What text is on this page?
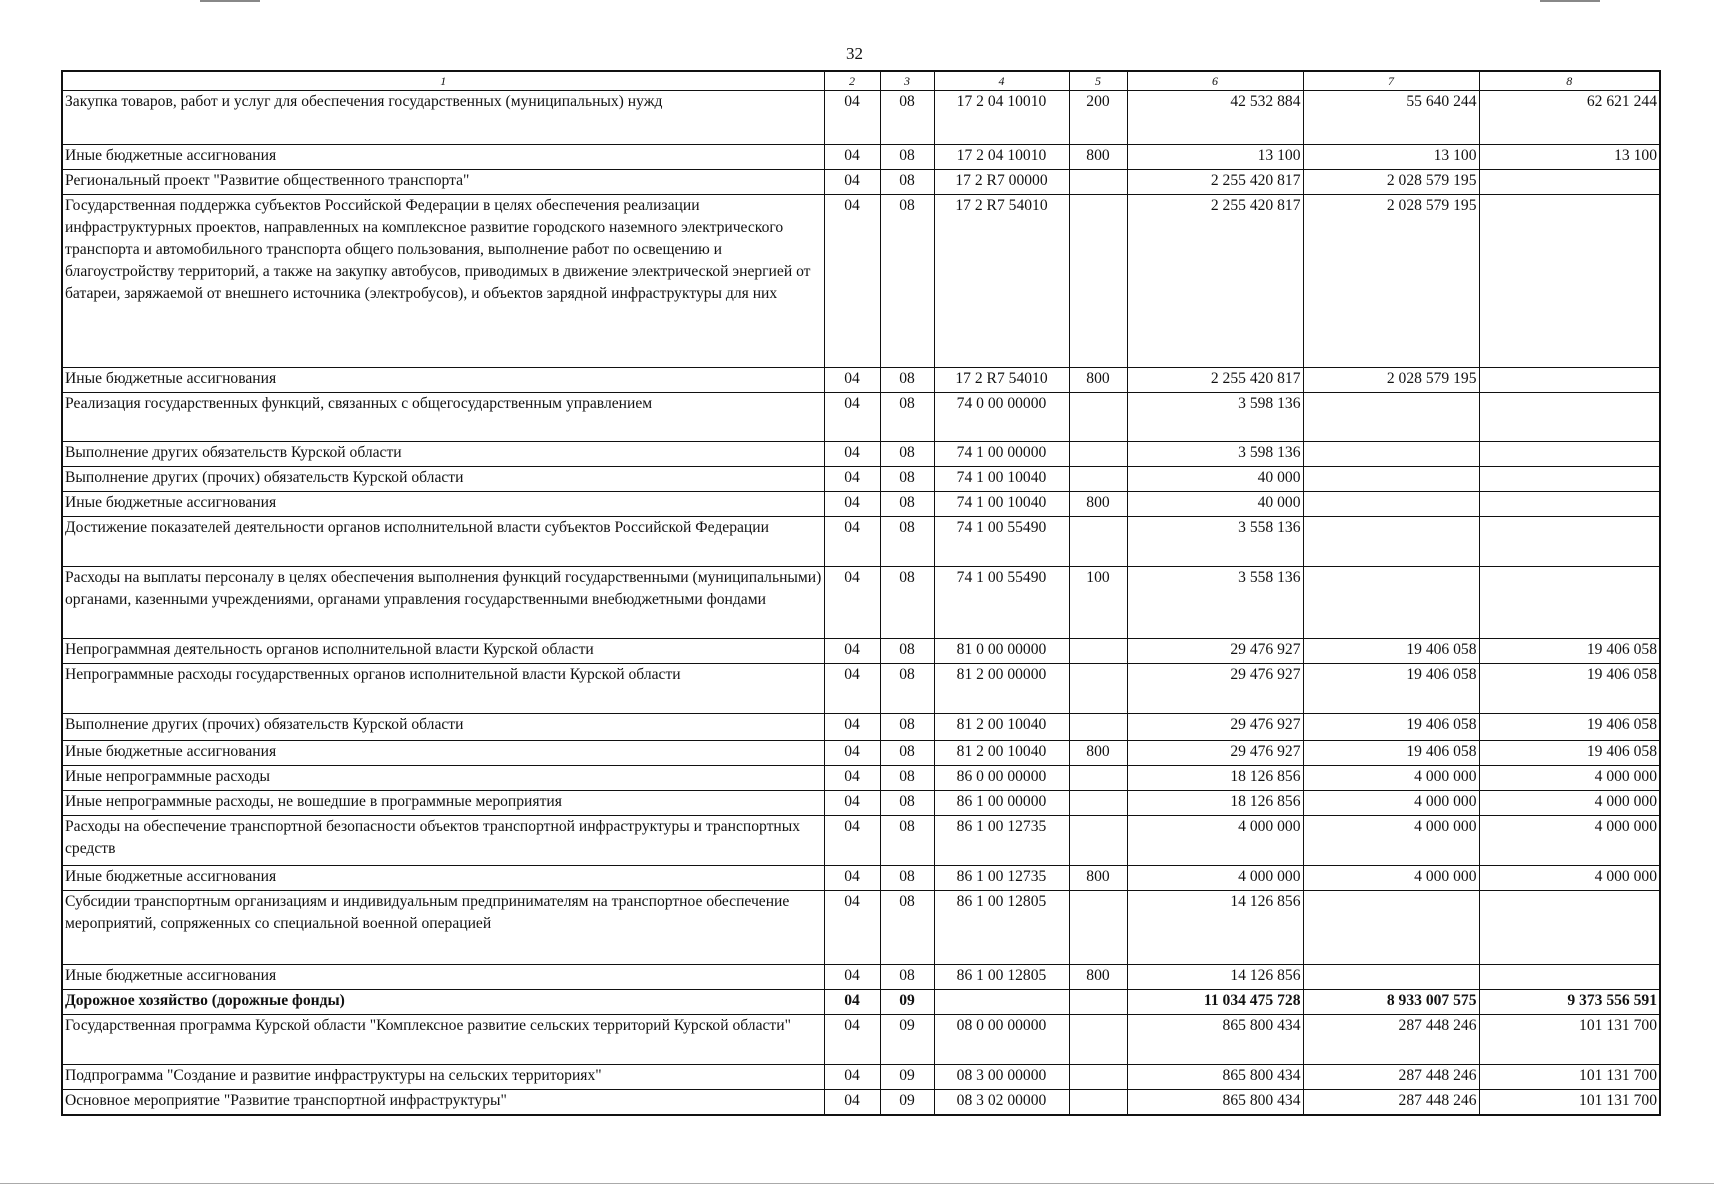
32
1	2	3	4	5	6	7	8
Закупка товаров, работ и услуг для обеспечения государственных (муниципальных) нужд	04	08	17 2 04 10010	200	42 532 884	55 640 244	62 621 244
Иные бюджетные ассигнования	04	08	17 2 04 10010	800	13 100	13 100	13 100
Региональный проект "Развитие общественного транспорта"	04	08	17 2 R7 00000		2 255 420 817	2 028 579 195	
Государственная поддержка субъектов Российской Федерации в целях обеспечения реализации инфраструктурных проектов, направленных на комплексное развитие городского наземного электрического транспорта и автомобильного транспорта общего пользования, выполнение работ по освещению и благоустройству территорий, а также на закупку автобусов, приводимых в движение электрической энергией от батареи, заряжаемой от внешнего источника (электробусов), и объектов зарядной инфраструктуры для них	04	08	17 2 R7 54010		2 255 420 817	2 028 579 195	
Иные бюджетные ассигнования	04	08	17 2 R7 54010	800	2 255 420 817	2 028 579 195	
Реализация государственных функций, связанных с общегосударственным управлением	04	08	74 0 00 00000		3 598 136		
Выполнение других обязательств Курской области	04	08	74 1 00 00000		3 598 136		
Выполнение других (прочих) обязательств Курской области	04	08	74 1 00 10040		40 000		
Иные бюджетные ассигнования	04	08	74 1 00 10040	800	40 000		
Достижение показателей деятельности органов исполнительной власти субъектов Российской Федерации	04	08	74 1 00 55490		3 558 136		
Расходы на выплаты персоналу в целях обеспечения выполнения функций государственными (муниципальными) органами, казенными учреждениями, органами управления государственными внебюджетными фондами	04	08	74 1 00 55490	100	3 558 136		
Непрограммная деятельность органов исполнительной власти Курской области	04	08	81 0 00 00000		29 476 927	19 406 058	19 406 058
Непрограммные расходы государственных органов исполнительной власти Курской области	04	08	81 2 00 00000		29 476 927	19 406 058	19 406 058
Выполнение других (прочих) обязательств Курской области	04	08	81 2 00 10040		29 476 927	19 406 058	19 406 058
Иные бюджетные ассигнования	04	08	81 2 00 10040	800	29 476 927	19 406 058	19 406 058
Иные непрограммные расходы	04	08	86 0 00 00000		18 126 856	4 000 000	4 000 000
Иные непрограммные расходы, не вошедшие в программные мероприятия	04	08	86 1 00 00000		18 126 856	4 000 000	4 000 000
Расходы на обеспечение транспортной безопасности объектов транспортной инфраструктуры и транспортных средств	04	08	86 1 00 12735		4 000 000	4 000 000	4 000 000
Иные бюджетные ассигнования	04	08	86 1 00 12735	800	4 000 000	4 000 000	4 000 000
Субсидии транспортным организациям и индивидуальным предпринимателям на транспортное обеспечение мероприятий, сопряженных со специальной военной операцией	04	08	86 1 00 12805		14 126 856		
Иные бюджетные ассигнования	04	08	86 1 00 12805	800	14 126 856		
Дорожное хозяйство (дорожные фонды)	04	09			11 034 475 728	8 933 007 575	9 373 556 591
Государственная программа Курской области "Комплексное развитие сельских территорий Курской области"	04	09	08 0 00 00000		865 800 434	287 448 246	101 131 700
Подпрограмма "Создание и развитие инфраструктуры на сельских территориях"	04	09	08 3 00 00000		865 800 434	287 448 246	101 131 700
Основное мероприятие "Развитие транспортной инфраструктуры"	04	09	08 3 02 00000		865 800 434	287 448 246	101 131 700
